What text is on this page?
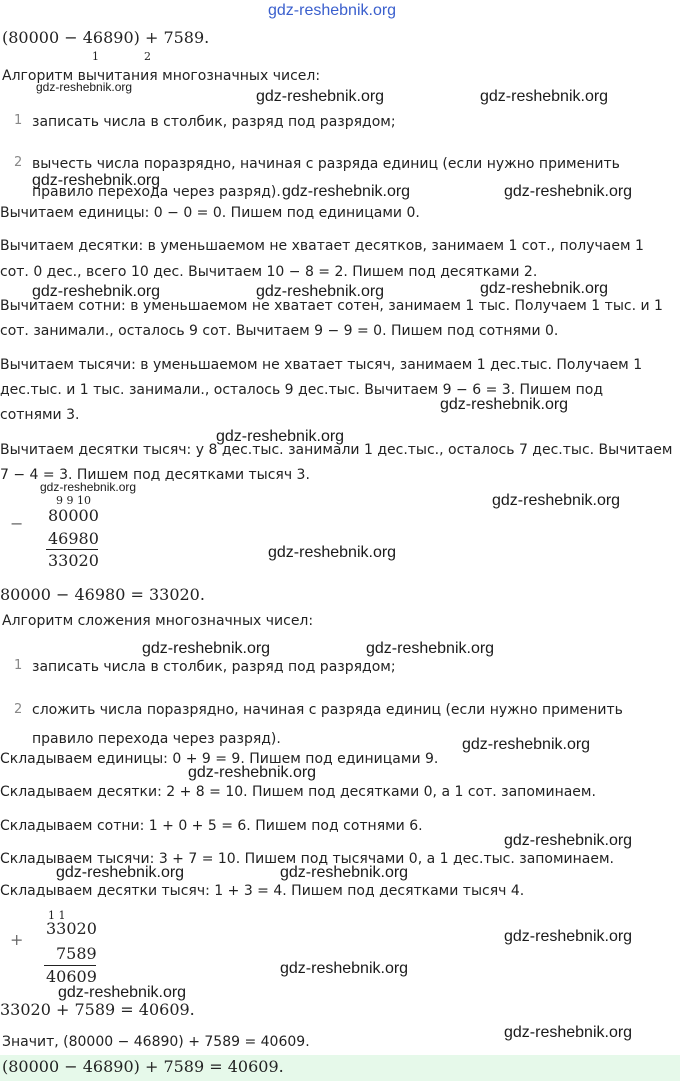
gdz-reshebnik.org
(80000 − 46890) + 7589.
1	2
Алгоритм вычитания многозначных чисел:
gdz-reshebnik.org
gdz-reshebnik.org	gdz-reshebnik.org
1 записать числа в столбик, разряд под разрядом;
2 вычесть числа поразрядно, начиная с разряда единиц (если нужно применить
gdz-reshebnik.org
правило перехода через разряд). gdz-reshebnik.org	gdz-reshebnik.org
Вычитаем единицы: 0 − 0 = 0. Пишем под единицами 0.
Вычитаем десятки: в уменьшаемом не хватает десятков, занимаем 1 сот., получаем 1
сот. 0 дес., всего 10 дес. Вычитаем 10 − 8 = 2. Пишем под десятками 2.
gdz-reshebnik.org	gdz-reshebnik.org	gdz-reshebnik.org
Вычитаем сотни: в уменьшаемом не хватает сотен, занимаем 1 тыс. Получаем 1 тыс. и 1
сот. занимали., осталось 9 сот. Вычитаем 9 − 9 = 0. Пишем под сотнями 0.
Вычитаем тысячи: в уменьшаемом не хватает тысяч, занимаем 1 дес.тыс. Получаем 1
дес.тыс. и 1 тыс. занимали., осталось 9 дес.тыс. Вычитаем 9 − 6 = 3. Пишем под
gdz-reshebnik.org
сотнями 3.
gdz-reshebnik.org
Вычитаем десятки тысяч: у 8 дес.тыс. занимали 1 дес.тыс., осталось 7 дес.тыс. Вычитаем
7 − 4 = 3. Пишем под десятками тысяч 3.
gdz-reshebnik.org
9 9 10	gdz-reshebnik.org
− 80000
46980
33020	gdz-reshebnik.org
80000 − 46980 = 33020.
Алгоритм сложения многозначных чисел:
gdz-reshebnik.org	gdz-reshebnik.org
1 записать числа в столбик, разряд под разрядом;
2 сложить числа поразрядно, начиная с разряда единиц (если нужно применить
правило перехода через разряд).	gdz-reshebnik.org
Складываем единицы: 0 + 9 = 9. Пишем под единицами 9.
gdz-reshebnik.org
Складываем десятки: 2 + 8 = 10. Пишем под десятками 0, а 1 сот. запоминаем.
Складываем сотни: 1 + 0 + 5 = 6. Пишем под сотнями 6.
gdz-reshebnik.org
Складываем тысячи: 3 + 7 = 10. Пишем под тысячами 0, а 1 дес.тыс. запоминаем.
gdz-reshebnik.org	gdz-reshebnik.org
Складываем десятки тысяч: 1 + 3 = 4. Пишем под десятками тысяч 4.
1 1
+
33020	gdz-reshebnik.org
7589
40609	gdz-reshebnik.org
gdz-reshebnik.org
33020 + 7589 = 40609.
gdz-reshebnik.org
Значит, (80000 − 46890) + 7589 = 40609.
(80000 − 46890) + 7589 = 40609.
